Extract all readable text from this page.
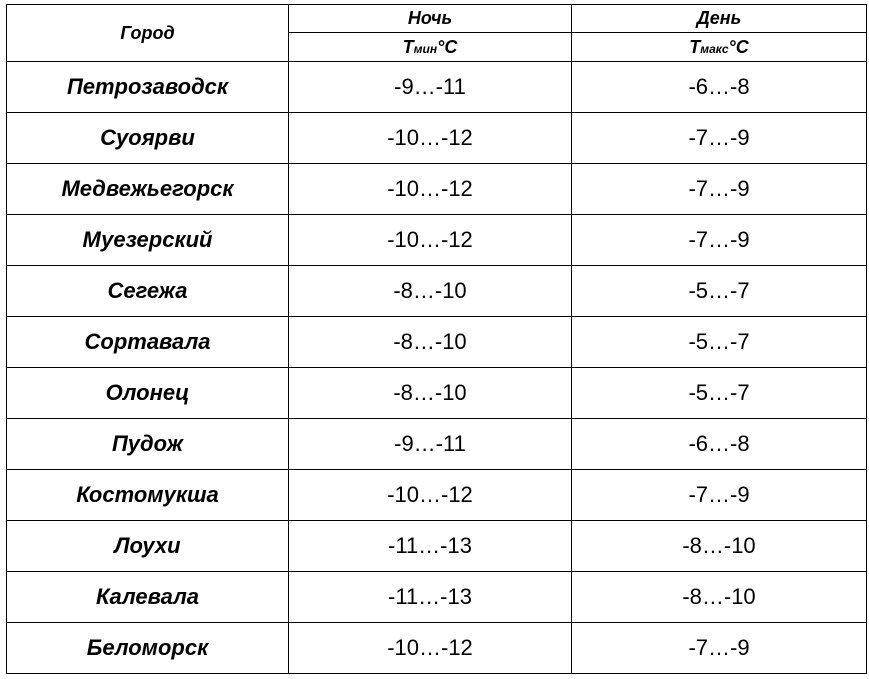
Город	Ночь	День
	Тмин°С	Тмакс°С
Петрозаводск	-9…-11	-6…-8
Суоярви	-10…-12	-7…-9
Медвежьегорск	-10…-12	-7…-9
Муезерский	-10…-12	-7…-9
Сегежа	-8…-10	-5…-7
Сортавала	-8…-10	-5…-7
Олонец	-8…-10	-5…-7
Пудож	-9…-11	-6…-8
Костомукша	-10…-12	-7…-9
Лоухи	-11…-13	-8…-10
Калевала	-11…-13	-8…-10
Беломорск	-10…-12	-7…-9
